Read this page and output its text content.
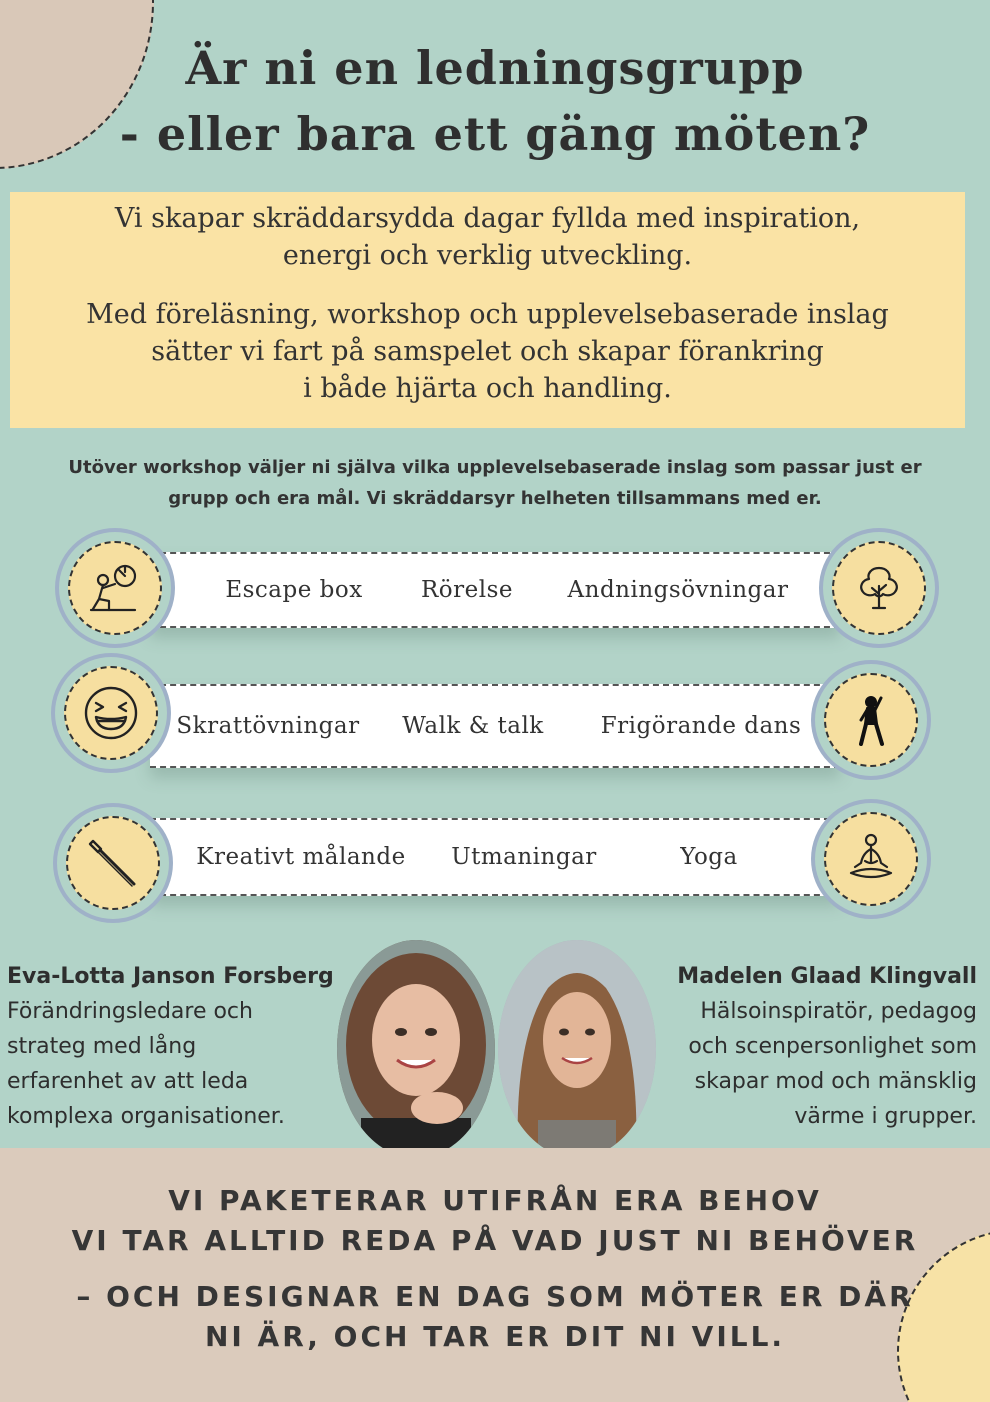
Är ni en ledningsgrupp
- eller bara ett gäng möten?

Vi skapar skräddarsydda dagar fyllda med inspiration,

energi och verklig utveckling.

Med föreläsning, workshop och upplevelsebaserade inslag

sätter vi fart på samspelet och skapar förankring

i både hjärta och handling.

Utöver workshop väljer ni själva vilka upplevelsebaserade inslag som passar just er
grupp och era mål. Vi skräddarsyr helheten tillsammans med er.
Escape box	Rörelse Andningsövningar
Skrattövningar Walk & talk Frigörande dans
Kreativt målande Utmaningar	Yoga
Eva-Lotta Janson Forsberg
Förändringsledare och
strateg med lång
erfarenhet av att leda
komplexa organisationer.
Madelen Glaad Klingvall
Hälsoinspiratör, pedagog
och scenpersonlighet som
skapar mod och mänsklig
värme i grupper.
VI PAKETERAR UTIFRÅN ERA BEHOV
VI TAR ALLTID REDA PÅ VAD JUST NI BEHÖVER
– OCH DESIGNAR EN DAG SOM MÖTER ER DÄR
NI ÄR, OCH TAR ER DIT NI VILL.
